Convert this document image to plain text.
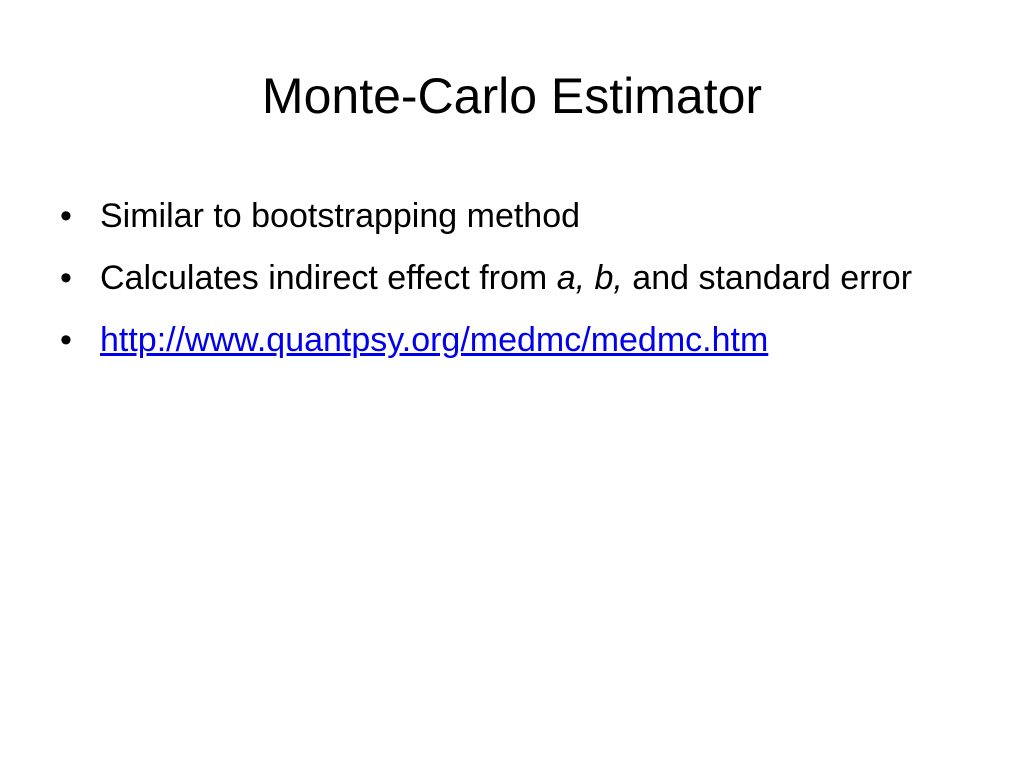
Monte-Carlo Estimator
• Similar to bootstrapping method
• Calculates indirect effect from a, b, and standard error
• http://www.quantpsy.org/medmc/medmc.htm
